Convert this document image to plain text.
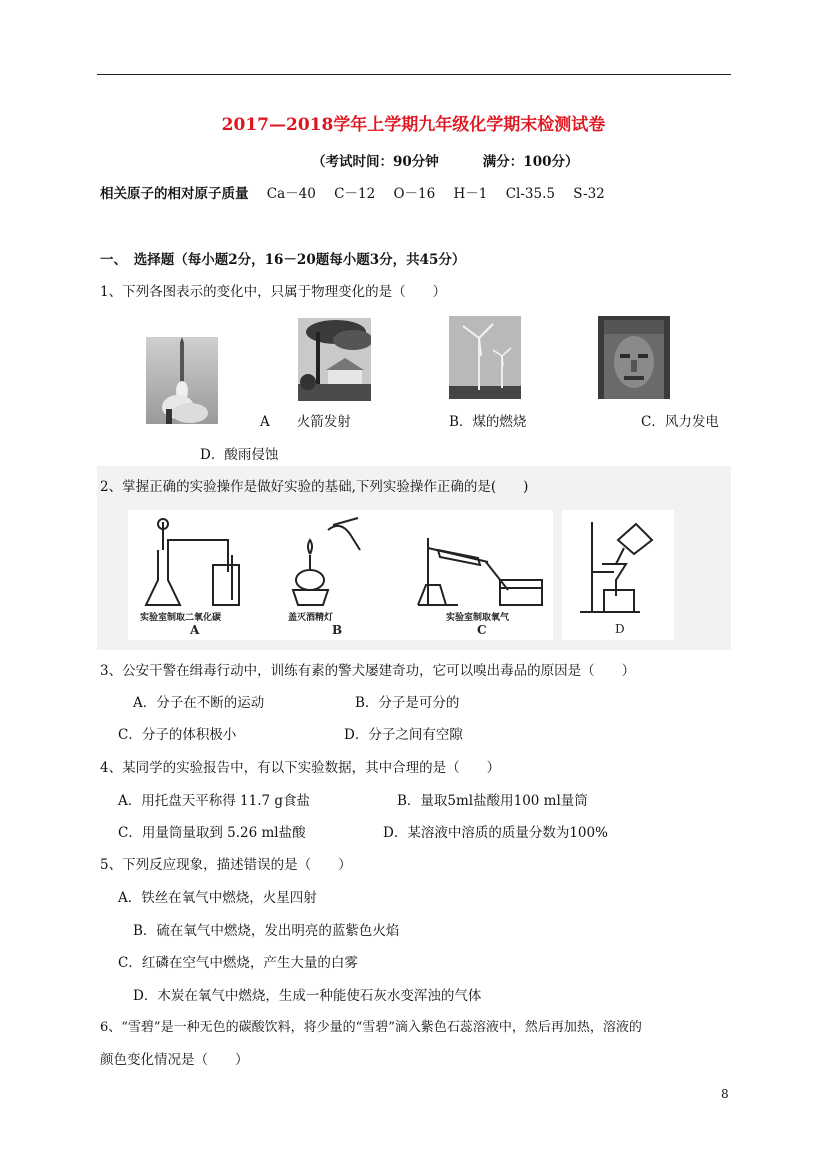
2017—2018学年上学期九年级化学期末检测试卷
（考试时间：90分钟	满分：100分）
相关原子的相对原子质量 Ca－40 C－12 O－16 H－1 Cl-35.5 S-32
一、　选择题（每小题2分，16－20题每小题3分，共45分）
1、下列各图表示的变化中，只属于物理变化的是（　　）
A　　火箭发射	B．煤的燃烧	C．风力发电
D．酸雨侵蚀
2、掌握正确的实验操作是做好实验的基础,下列实验操作正确的是(　　)
实验室制取二氧化碳	盖灭酒精灯	实验室制取氧气
A	B	C	D
3、公安干警在缉毒行动中，训练有素的警犬屡建奇功，它可以嗅出毒品的原因是（　　）
A．分子在不断的运动	B．分子是可分的
C．分子的体积极小	D．分子之间有空隙
4、某同学的实验报告中，有以下实验数据，其中合理的是（　　）
A．用托盘天平称得 11.7 g食盐	B．量取5ml盐酸用100 ml量筒
C．用量筒量取到 5.26 ml盐酸	D．某溶液中溶质的质量分数为100%
5、下列反应现象，描述错误的是（　　）
A．铁丝在氧气中燃烧，火星四射
B．硫在氧气中燃烧，发出明亮的蓝紫色火焰
C．红磷在空气中燃烧，产生大量的白雾
D．木炭在氧气中燃烧，生成一种能使石灰水变浑浊的气体
6、“雪碧”是一种无色的碳酸饮料，将少量的“雪碧”滴入紫色石蕊溶液中，然后再加热，溶液的
颜色变化情况是（　　）
8
